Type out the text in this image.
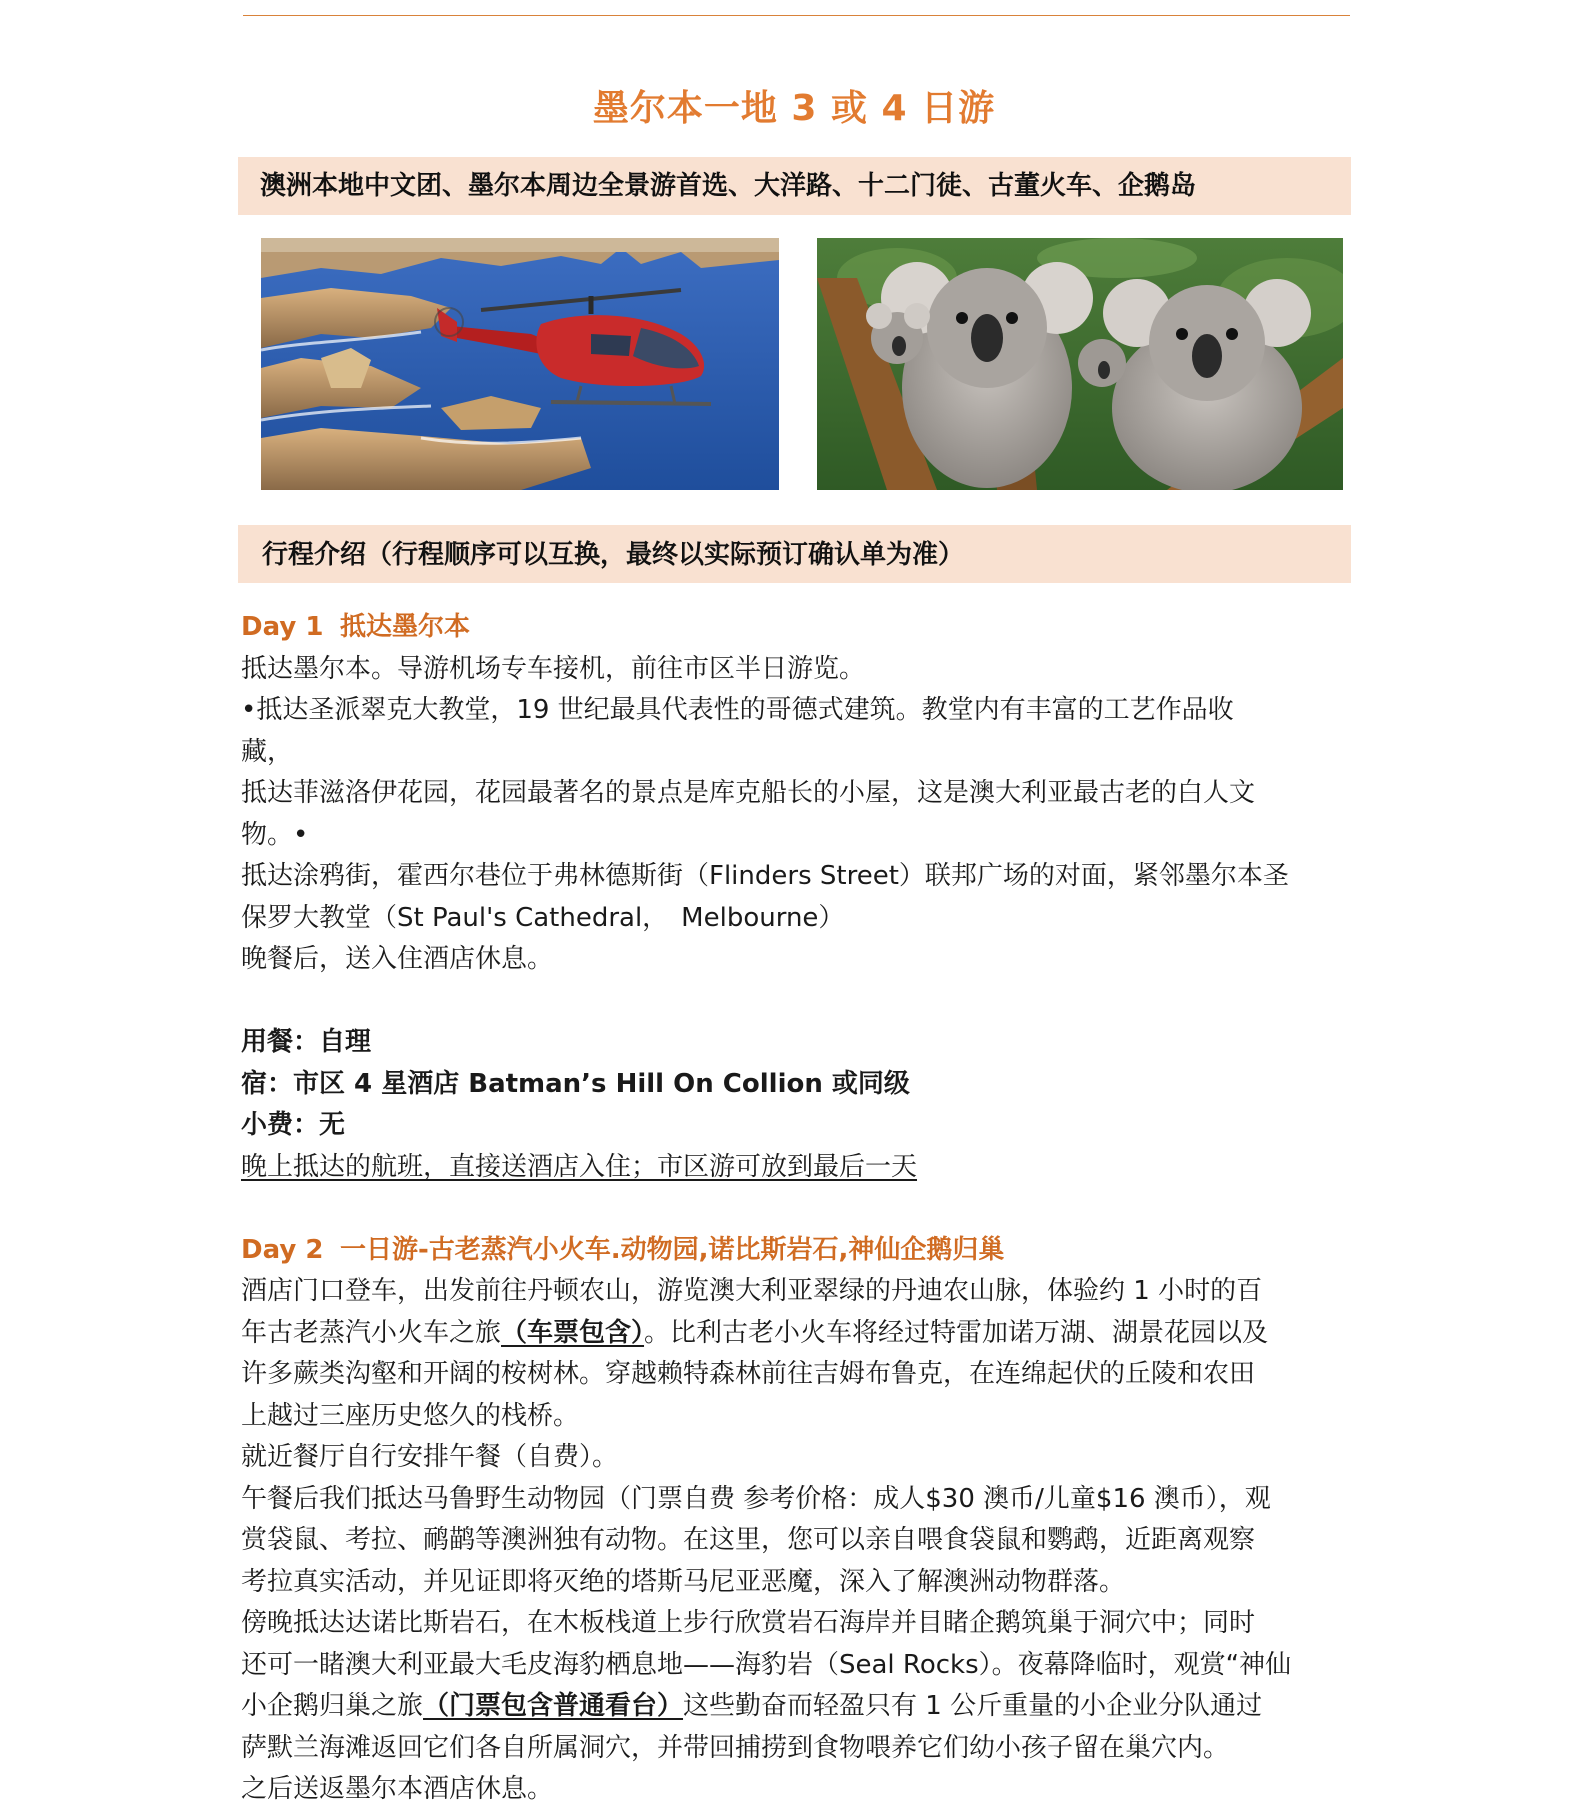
墨尔本一地 3 或 4 日游
澳洲本地中文团、墨尔本周边全景游首选、大洋路、十二门徒、古董火车、企鹅岛
行程介绍（行程顺序可以互换，最终以实际预订确认单为准）
Day 1 抵达墨尔本

抵达墨尔本。导游机场专车接机，前往市区半日游览。

•抵达圣派翠克大教堂，19 世纪最具代表性的哥德式建筑。教堂内有丰富的工艺作品收

藏，

抵达菲滋洛伊花园，花园最著名的景点是库克船长的小屋，这是澳大利亚最古老的白人文

物。•

抵达涂鸦街，霍西尔巷位于弗林德斯街（Flinders Street）联邦广场的对面，紧邻墨尔本圣

保罗大教堂（St Paul's Cathedral，　Melbourne）

晚餐后，送入住酒店休息。

用餐：自理

宿：市区 4 星酒店 Batman’s Hill On Collion 或同级

小费：无

晚上抵达的航班，直接送酒店入住；市区游可放到最后一天

Day 2 一日游-古老蒸汽小火车.动物园,诺比斯岩石,神仙企鹅归巢

酒店门口登车，出发前往丹顿农山，游览澳大利亚翠绿的丹迪农山脉，体验约 1 小时的百

年古老蒸汽小火车之旅（车票包含）。比利古老小火车将经过特雷加诺万湖、湖景花园以及

许多蕨类沟壑和开阔的桉树林。穿越赖特森林前往吉姆布鲁克，在连绵起伏的丘陵和农田

上越过三座历史悠久的栈桥。

就近餐厅自行安排午餐（自费）。

午餐后我们抵达马鲁野生动物园（门票自费 参考价格：成人$30 澳币/儿童$16 澳币），观

赏袋鼠、考拉、鸸鹋等澳洲独有动物。在这里，您可以亲自喂食袋鼠和鹦鹉，近距离观察

考拉真实活动，并见证即将灭绝的塔斯马尼亚恶魔，深入了解澳洲动物群落。

傍晚抵达达诺比斯岩石，在木板栈道上步行欣赏岩石海岸并目睹企鹅筑巢于洞穴中；同时

还可一睹澳大利亚最大毛皮海豹栖息地——海豹岩（Seal Rocks）。夜幕降临时，观赏“神仙

小企鹅归巢之旅（门票包含普通看台）这些勤奋而轻盈只有 1 公斤重量的小企业分队通过

萨默兰海滩返回它们各自所属洞穴，并带回捕捞到食物喂养它们幼小孩子留在巢穴内。

之后送返墨尔本酒店休息。
